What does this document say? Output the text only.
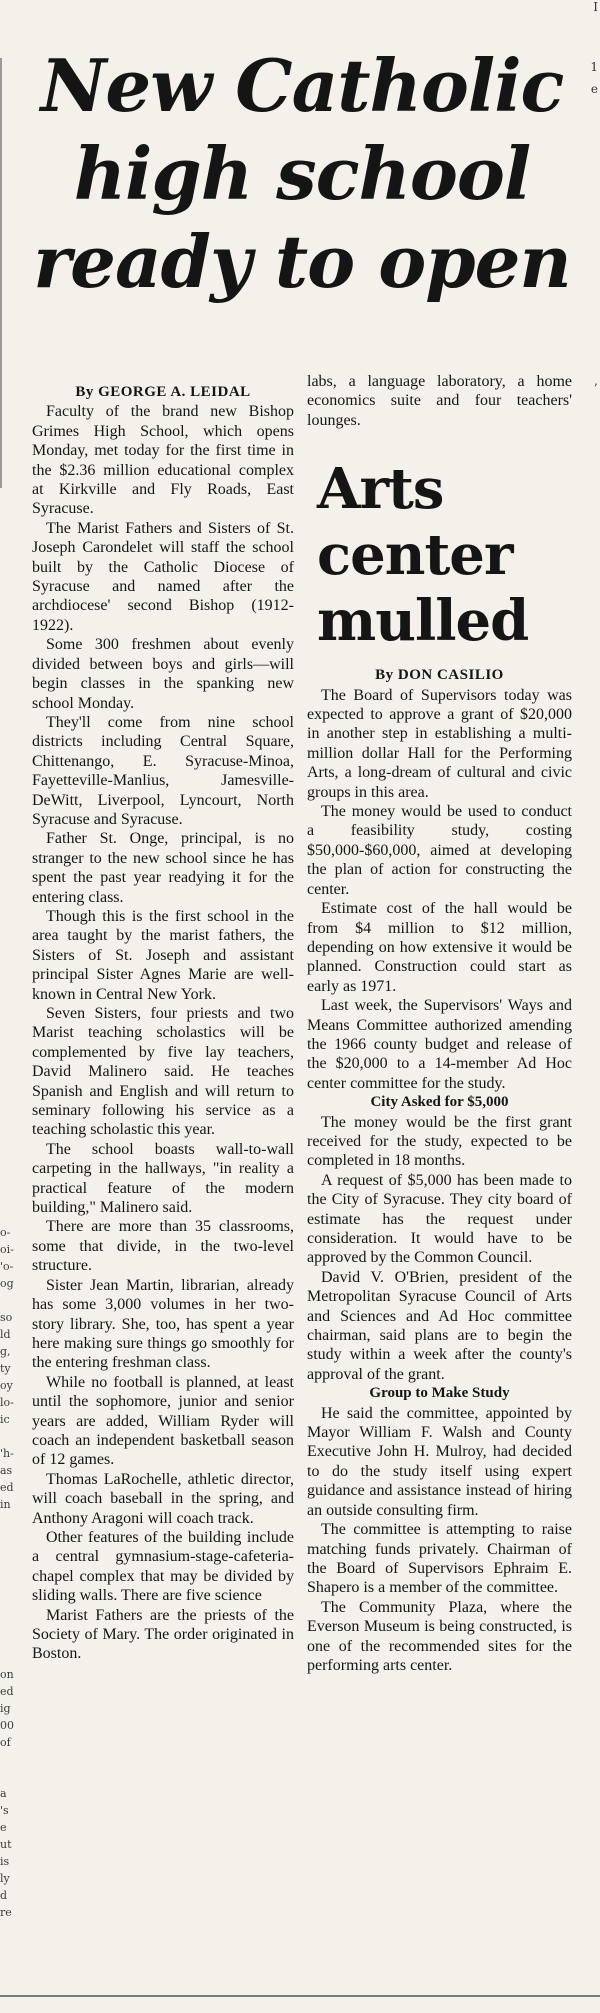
o-
oi-
'o-
og
so
ld
g,
ty
oy
lo-
ic
'h-
as
ed
in
on
ed
ig
00
of
a
's
e
ut
is
ly
d
re
I
1
e
,
New Catholic
high school
ready to open

By GEORGE A. LEIDAL

Faculty of the brand new Bishop Grimes High School, which opens Monday, met today for the first time in the $2.36 million educational complex at Kirkville and Fly Roads, East Syracuse.

The Marist Fathers and Sisters of St. Joseph Carondelet will staff the school built by the Catholic Diocese of Syracuse and named after the archdiocese' second Bishop (1912-1922).

Some 300 freshmen about evenly divided between boys and girls—will begin classes in the spanking new school Monday.

They'll come from nine school districts including Central Square, Chittenango, E. Syracuse-Minoa, Fayetteville-Manlius, Jamesville-DeWitt, Liverpool, Lyncourt, North Syracuse and Syracuse.

Father St. Onge, principal, is no stranger to the new school since he has spent the past year readying it for the entering class.

Though this is the first school in the area taught by the marist fathers, the Sisters of St. Joseph and assistant principal Sister Agnes Marie are well-known in Central New York.

Seven Sisters, four priests and two Marist teaching scholastics will be complemented by five lay teachers, David Malinero said. He teaches Spanish and English and will return to seminary following his service as a teaching scholastic this year.

The school boasts wall-to-wall carpeting in the hallways, "in reality a practical feature of the modern building," Malinero said.

There are more than 35 classrooms, some that divide, in the two-level structure.

Sister Jean Martin, librarian, already has some 3,000 volumes in her two-story library. She, too, has spent a year here making sure things go smoothly for the entering freshman class.

While no football is planned, at least until the sophomore, junior and senior years are added, William Ryder will coach an independent basketball season of 12 games.

Thomas LaRochelle, athletic director, will coach baseball in the spring, and Anthony Aragoni will coach track.

Other features of the building include a central gymnasium-stage-cafeteria-chapel complex that may be divided by sliding walls. There are five science

Marist Fathers are the priests of the Society of Mary. The order originated in Boston.

labs, a language laboratory, a home economics suite and four teachers' lounges.

Arts
center
mulled

By DON CASILIO

The Board of Supervisors today was expected to approve a grant of $20,000 in another step in establishing a multi-million dollar Hall for the Performing Arts, a long-dream of cultural and civic groups in this area.

The money would be used to conduct a feasibility study, costing $50,000-$60,000, aimed at developing the plan of action for constructing the center.

Estimate cost of the hall would be from $4 million to $12 million, depending on how extensive it would be planned. Construction could start as early as 1971.

Last week, the Supervisors' Ways and Means Committee authorized amending the 1966 county budget and release of the $20,000 to a 14-member Ad Hoc center committee for the study.

City Asked for $5,000

The money would be the first grant received for the study, expected to be completed in 18 months.

A request of $5,000 has been made to the City of Syracuse. They city board of estimate has the request under consideration. It would have to be approved by the Common Council.

David V. O'Brien, president of the Metropolitan Syracuse Council of Arts and Sciences and Ad Hoc committee chairman, said plans are to begin the study within a week after the county's approval of the grant.

Group to Make Study

He said the committee, appointed by Mayor William F. Walsh and County Executive John H. Mulroy, had decided to do the study itself using expert guidance and assistance instead of hiring an outside consulting firm.

The committee is attempting to raise matching funds privately. Chairman of the Board of Supervisors Ephraim E. Shapero is a member of the committee.

The Community Plaza, where the Everson Museum is being constructed, is one of the recommended sites for the performing arts center.
